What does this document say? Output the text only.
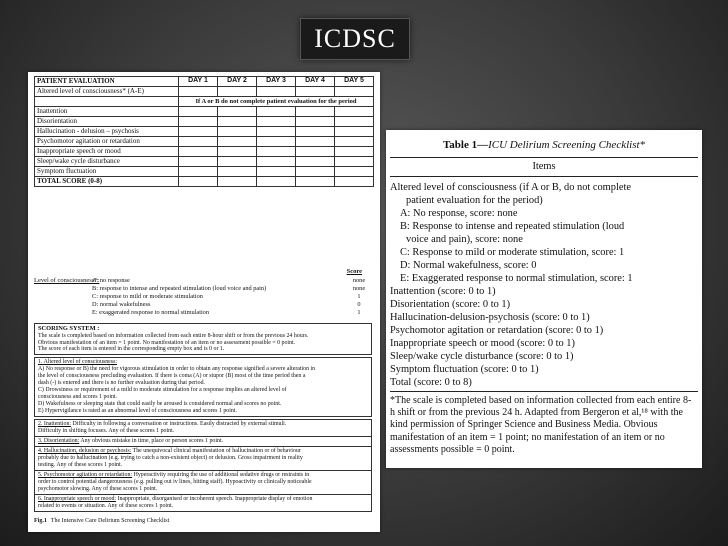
ICDSC
PATIENT EVALUATION	DAY 1	DAY 2	DAY 3	DAY 4	DAY 5
Altered level of consciousness* (A-E)					
	If A or B do not complete patient evaluation for the period				
Inattention					
Disorientation					
Hallucination - delusion – psychosis					
Psychomotor agitation or retardation					
Inappropriate speech or mood					
Sleep/wake cycle disturbance					
Symptom fluctuation					
TOTAL SCORE (0-8)					
Score
Level of consciousness*:
A: no response	none
B: response to intense and repeated stimulation (loud voice and pain)	none
C: response to mild or moderate stimulation	1
D: normal wakefulness	0
E: exaggerated response to normal stimulation	1
SCORING SYSTEM :
The scale is completed based on information collected from each entire 8-hour shift or from the previous 24 hours.
Obvious manifestation of an item = 1 point. No manifestation of an item or no assessment possible = 0 point.
The score of each item is entered in the corresponding empty box and is 0 or 1.
1. Altered level of consciousness:
A) No response or B) the need for vigorous stimulation in order to obtain any response signified a severe alteration in
the level of consciousness precluding evaluation. If there is coma (A) or stupor (B) most of the time period then a
dash (-) is entered and there is no further evaluation during that period.
C) Drowsiness or requirement of a mild to moderate stimulation for a response implies an altered level of
consciousness and scores 1 point.
D) Wakefulness or sleeping state that could easily be aroused is considered normal and scores no point.
E) Hypervigilance is rated as an abnormal level of consciousness and scores 1 point.
2. Inattention: Difficulty in following a conversation or instructions. Easily distracted by external stimuli.
Difficulty in shifting focuses. Any of these scores 1 point.
3. Disorientation: Any obvious mistake in time, place or person scores 1 point.
4. Hallucination, delusion or psychosis: The unequivocal clinical manifestation of hallucination or of behaviour
probably due to hallucination (e.g. trying to catch a non-existent object) or delusion. Gross impairment in reality
testing. Any of these scores 1 point.
5. Psychomotor agitation or retardation: Hyperactivity requiring the use of additional sedative drugs or restraints in
order to control potential dangerousness (e.g. pulling out iv lines, hitting staff). Hypoactivity or clinically noticeable
psychomotor slowing. Any of these scores 1 point.
6. Inappropriate speech or mood: Inappropriate, disorganised or incoherent speech. Inappropriate display of emotion
related to events or situation. Any of these scores 1 point.
Fig.1 The Intensive Care Delirium Screening Checklist
Table 1—ICU Delirium Screening Checklist*
Items
Altered level of consciousness (if A or B, do not complete
patient evaluation for the period)
A: No response, score: none
B: Response to intense and repeated stimulation (loud
voice and pain), score: none
C: Response to mild or moderate stimulation, score: 1
D: Normal wakefulness, score: 0
E: Exaggerated response to normal stimulation, score: 1
Inattention (score: 0 to 1)
Disorientation (score: 0 to 1)
Hallucination-delusion-psychosis (score: 0 to 1)
Psychomotor agitation or retardation (score: 0 to 1)
Inappropriate speech or mood (score: 0 to 1)
Sleep/wake cycle disturbance (score: 0 to 1)
Symptom fluctuation (score: 0 to 1)
Total (score: 0 to 8)
*The scale is completed based on information collected from each entire 8-h shift or from the previous 24 h. Adapted from Bergeron et al,¹⁸ with the kind permission of Springer Science and Business Media. Obvious manifestation of an item = 1 point; no manifestation of an item or no assessments possible = 0 point.
